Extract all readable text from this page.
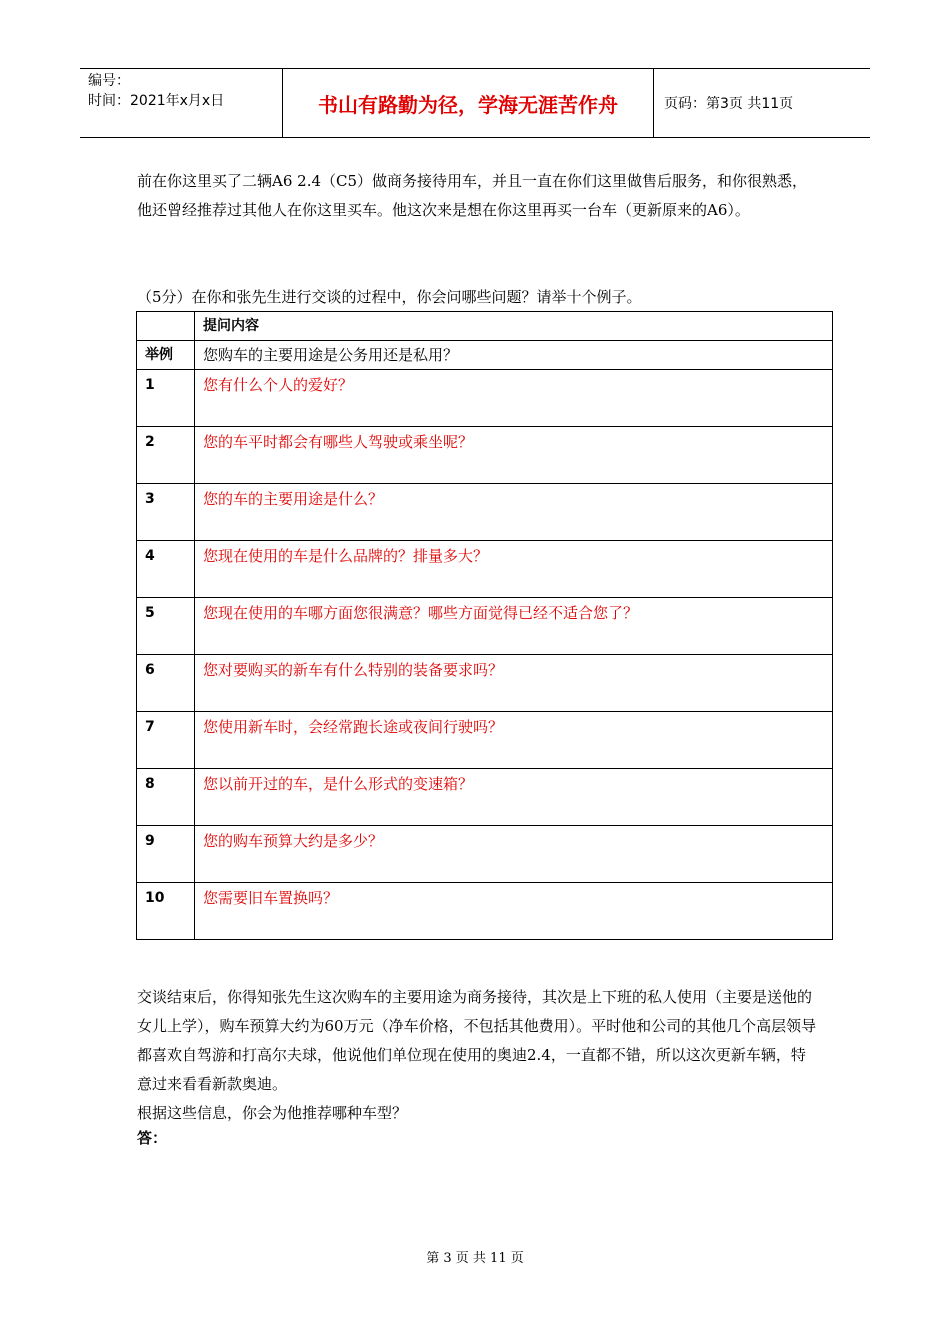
编号：
时间：2021年x月x日	书山有路勤为径，学海无涯苦作舟	页码：第3页 共11页
前在你这里买了二辆A6 2.4（C5）做商务接待用车，并且一直在你们这里做售后服务，和你很熟悉，他还曾经推荐过其他人在你这里买车。他这次来是想在你这里再买一台车（更新原来的A6）。
（5分）在你和张先生进行交谈的过程中，你会问哪些问题？请举十个例子。
	提问内容
举例	您购车的主要用途是公务用还是私用？
1	您有什么个人的爱好？
2	您的车平时都会有哪些人驾驶或乘坐呢？
3	您的车的主要用途是什么？
4	您现在使用的车是什么品牌的？排量多大？
5	您现在使用的车哪方面您很满意？哪些方面觉得已经不适合您了？
6	您对要购买的新车有什么特别的装备要求吗？
7	您使用新车时，会经常跑长途或夜间行驶吗？
8	您以前开过的车，是什么形式的变速箱？
9	您的购车预算大约是多少？
10	您需要旧车置换吗？
交谈结束后，你得知张先生这次购车的主要用途为商务接待，其次是上下班的私人使用（主要是送他的女儿上学），购车预算大约为60万元（净车价格，不包括其他费用）。平时他和公司的其他几个高层领导都喜欢自驾游和打高尔夫球，他说他们单位现在使用的奥迪2.4，一直都不错，所以这次更新车辆，特意过来看看新款奥迪。
根据这些信息，你会为他推荐哪种车型？
答：
第 3 页 共 11 页
